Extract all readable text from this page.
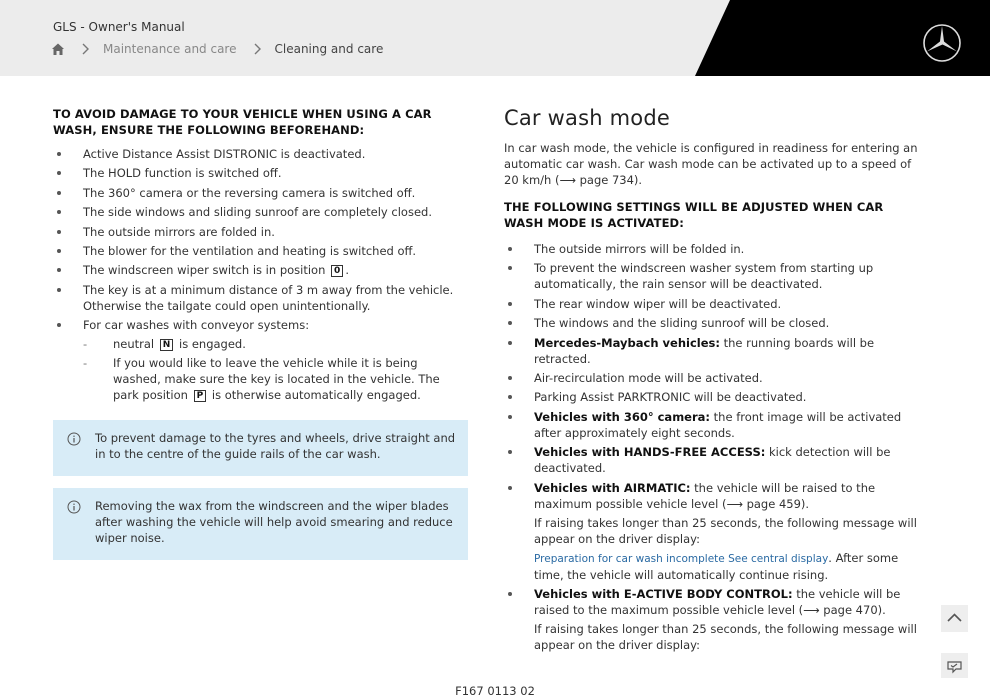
GLS - Owner's Manual
Maintenance and care	Cleaning and care
TO AVOID DAMAGE TO YOUR VEHICLE WHEN USING A CAR WASH, ENSURE THE FOLLOWING BEFOREHAND:
Active Distance Assist DISTRONIC is deactivated.
The HOLD function is switched off.
The 360° camera or the reversing camera is switched off.
The side windows and sliding sunroof are completely closed.
The outside mirrors are folded in.
The blower for the ventilation and heating is switched off.
The windscreen wiper switch is in position 0 .
The key is at a minimum distance of 3 m away from the vehicle. Otherwise the tailgate could open unintentionally.
For car washes with conveyor systems:
- neutral N is engaged.
- If you would like to leave the vehicle while it is being washed, make sure the key is located in the vehicle. The park position P is otherwise automatically engaged.
To prevent damage to the tyres and wheels, drive straight and in to the centre of the guide rails of the car wash.
Removing the wax from the windscreen and the wiper blades after washing the vehicle will help avoid smearing and reduce wiper noise.
Car wash mode
In car wash mode, the vehicle is configured in readiness for entering an automatic car wash. Car wash mode can be activated up to a speed of 20 km/h (⟶ page 734).
THE FOLLOWING SETTINGS WILL BE ADJUSTED WHEN CAR WASH MODE IS ACTIVATED:
The outside mirrors will be folded in.
To prevent the windscreen washer system from starting up automatically, the rain sensor will be deactivated.
The rear window wiper will be deactivated.
The windows and the sliding sunroof will be closed.
Mercedes-Maybach vehicles: the running boards will be retracted.
Air-recirculation mode will be activated.
Parking Assist PARKTRONIC will be deactivated.
Vehicles with 360° camera: the front image will be activated after approximately eight seconds.
Vehicles with HANDS-FREE ACCESS: kick detection will be deactivated.
Vehicles with AIRMATIC: the vehicle will be raised to the maximum possible vehicle level (⟶ page 459).
If raising takes longer than 25 seconds, the following message will appear on the driver display:
Preparation for car wash incomplete See central display. After some time, the vehicle will automatically continue rising.
Vehicles with E-ACTIVE BODY CONTROL: the vehicle will be raised to the maximum possible vehicle level (⟶ page 470).
If raising takes longer than 25 seconds, the following message will appear on the driver display:
F167 0113 02
